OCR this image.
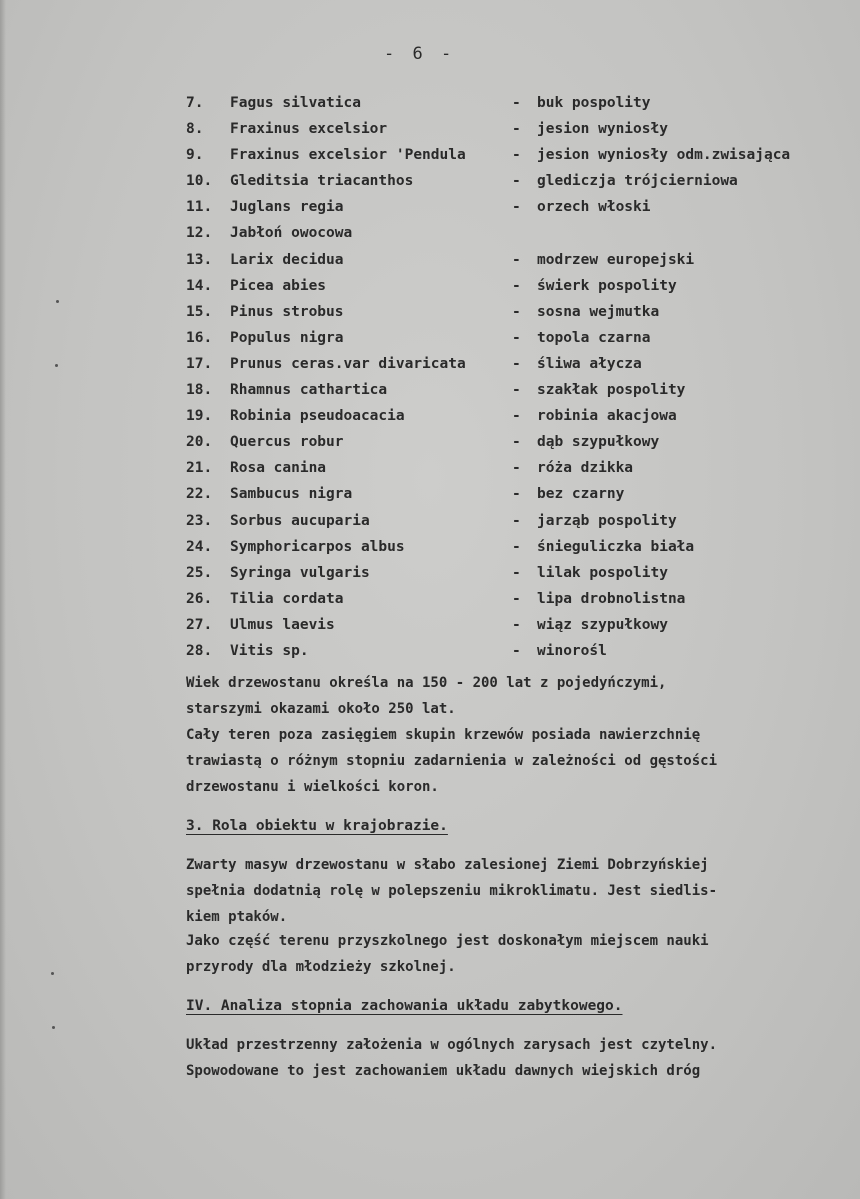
- 6 -
7. Fagus silvatica	- buk pospolity
8. Fraxinus excelsior	- jesion wyniosły
9. Fraxinus excelsior 'Pendula	- jesion wyniosły odm.zwisająca
10. Gleditsia triacanthos	- glediczja trójcierniowa
11. Juglans regia	- orzech włoski
12. Jabłoń owocowa
13. Larix decidua	- modrzew europejski
14. Picea abies	- świerk pospolity
15. Pinus strobus	- sosna wejmutka
16. Populus nigra	- topola czarna
17. Prunus ceras.var divaricata	- śliwa ałycza
18. Rhamnus cathartica	- szakłak pospolity
19. Robinia pseudoacacia	- robinia akacjowa
20. Quercus robur	- dąb szypułkowy
21. Rosa canina	- róża dzikka
22. Sambucus nigra	- bez czarny
23. Sorbus aucuparia	- jarząb pospolity
24. Symphoricarpos albus	- śnieguliczka biała
25. Syringa vulgaris	- lilak pospolity
26. Tilia cordata	- lipa drobnolistna
27. Ulmus laevis	- wiąz szypułkowy
28. Vitis sp.	- winorośl

Wiek drzewostanu określa na 150 - 200 lat z pojedyńczymi,

starszymi okazami około 250 lat.

Cały teren poza zasięgiem skupin krzewów posiada nawierzchnię

trawiastą o różnym stopniu zadarnienia w zależności od gęstości

drzewostanu i wielkości koron.

3. Rola obiektu w krajobrazie.

Zwarty masyw drzewostanu w słabo zalesionej Ziemi Dobrzyńskiej

spełnia dodatnią rolę w polepszeniu mikroklimatu. Jest siedlis-

kiem ptaków.

Jako część terenu przyszkolnego jest doskonałym miejscem nauki

przyrody dla młodzieży szkolnej.

IV. Analiza stopnia zachowania układu zabytkowego.

Układ przestrzenny założenia w ogólnych zarysach jest czytelny.

Spowodowane to jest zachowaniem układu dawnych wiejskich dróg
